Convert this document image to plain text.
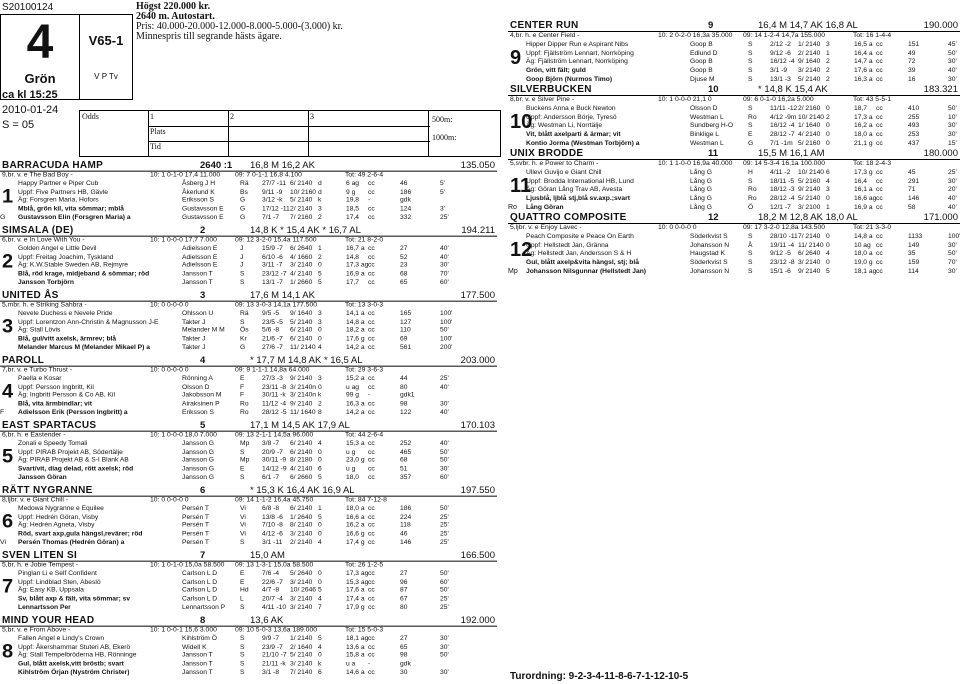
S20100124
4
Grön
V65-1
V P Tv
Högst 220.000 kr.
2640 m. Autostart.
Pris: 40.000-20.000-12.000-8.000-5.000-(3.000) kr.
Minnespris till segrande hästs ägare.
Odds	1	2	3
Plats
Tid
500m:
1000m:
ca kl 15:25
2010-01-24
S = 05
BARRACUDA HAMP	2640 :1 16,8 M 16,2 AK	135.050
9,br. v. e The Bad Boy -	10: 1 0-1-0 17,4 11.000 09: 7 0-1-1 16,8 4.100	Tot: 49 2-6-4
1
Happy Partner e Piper Cub	Åsberg J H	Rä 27/7 -11 6/ 2140 d	6 ag cc	46	5'
Uppf: Five Partners HB, Gävle	Åkerlund K	Bs 9/11 -9 10/ 2160 d	9 g cc	186	5'
Äg: Forsgren Maria, Hofors	Eriksson S	G	3/12 -k 5/ 2140 k	19,8 -	gdk
Mblå, grön kil, vita sömmar; mblå	Gustavsson E G	17/12 -11 2/ 2140 3	18,5 cc	124	3'
Gustavsson Elin (Forsgren Maria) a	Gustavsson E G	7/1 -7 7/ 2160 2	17,4 cc	332	25'
G
SIMSALA (DE)	2	14,8 K * 15,4 AK * 16,7 AL	194.211
6,br. v. e In Love With You -	10: 1 0-0-0 17,7 7.000	09: 12 3-2-0 15,4a 117.500	Tot: 21 8-2-0
2
Golden Angel e Little Devil	Adielsson E	J	15/9 -7 6/ 2640 1	16,7 a cc	27	40'
Uppf: Freitag Joachim, Tyskland	Adielsson E	J	6/10 -6 4/ 1660 2	14,8 cc	52	40'
Äg: K.W.Stable Sweden AB, Rejmyre	Adielsson E	J	3/11 -7 3/ 2140 0	17,3 ag cc	23	30'
Blå, röd krage, midjeband & sömmar; röd	Jansson T	S	23/12 -7 4/ 2140 5	16,9 a cc	68	70'
Jansson Torbjörn	Jansson T	S	13/1 -7 1/ 2660 5	17,7 cc	65	60'
UNITED ÅS	3	17,6 M 14,1 AK	177.500
5,mbr. h. e Striking Sahbra -	10: 0 0-0-0 0	09: 13 3-0-3 14,1a 177.500	Tot: 13 3-0-3
3
Nevele Duchess e Nevele Pride	Ohlsson U	Rä 9/5 -5 9/ 1640 3	14,1 a cc	165	100'
Uppf: Lorentzon Ann-Christin & Magnusson J-E	Takter J	S	23/5 -5 5/ 2140 3	14,8 a cc	127	100'
Äg: Stall Lövis	Melander M M Ös 5/6 -8 6/ 2140 0	18,2 a cc	110	50'
Blå, gul/vitt axelsk, ärmrev; blå	Takter J	Kr 21/6 -7 6/ 2140 0	17,6 g cc	69	100'
Melander Marcus M (Melander Mikael P) a	Takter J	G	27/6 -7 11/ 2140 4	14,2 a cc	561	200'
PAROLL	4	* 17,7 M 14,8 AK * 16,5 AL	203.000
7,br. v. e Turbo Thrust -	10: 0 0-0-0 0	09: 9 1-1-1 14,8a 64.000	Tot: 29 3-6-3
4
Paella e Kosar	Rönning A	E	27/3 -3 9/ 2140 3	15,2 a cc	44	25'
Uppf: Persson Ingbritt, Kil	Olsson D	F	23/11 -8 3/ 2140n 0	u ag cc	80	40'
Äg: Ingbritt Persson & Co AB, Kil	Jakobsson M	F	30/11 -k 3/ 2140n k	99 g -	gdk1
Blå, vita ärmbindlar; vit	Airaksinen P	Ro 11/12 -4 9/ 2140 2	16,3 a cc	98	30'
Adielsson Erik (Persson Ingbritt) a	Eriksson S	Ro 28/12 -5 11/ 1640 8	14,2 a cc	122	40'
F
EAST SPARTACUS	5	17,1 M 14,5 AK 17,9 AL	170.103
6,br. h. e Eastender -	10: 1 0-0-0 18,0 7.000	09: 13 2-1-1 14,5a 96.000	Tot: 44 2-6-4
5
Zonali e Speedy Tomali	Jansson G	Mp 3/8 -7 6/ 2140 4	15,3 a cc	252	40'
Uppf: PIRAB Projekt AB, Södertälje	Jansson G	S	20/9 -7 6/ 2140 0	u g cc	465	50'
Äg: PIRAB Projekt AB & S-I Blank AB	Jansson G	Mp 30/11 -9 8/ 2180 0	23,0 g cc	68	50'
Svart/vit, diag delad, rött axelsk; röd	Jansson G	E	14/12 -9 4/ 2140 6	u g cc	51	30'
Jansson Göran	Jansson G	S	6/1 -7 6/ 2660 5	18,0 cc	357	60'
RÄTT NYGRANNE	6	* 15,3 K 16,4 AK 16,9 AL	197.550
8,ljbr. v. e Giant Chill -	10: 0 0-0-0 0	09: 14 1-1-2 16,4a 45.750	Tot: 84 7-12-8
6
Medowa Nygranne e Equilee	Persén T	Vi 6/8 -8 6/ 2140 1	18,0 a cc	186	50'
Uppf: Hedrén Göran, Visby	Persén T	Vi 13/8 -6 1/ 2640 5	16,6 a cc	224	25'
Äg: Hedrén Agneta, Visby	Persén T	Vi 7/10 -8 8/ 2140 0	16,2 a cc	118	25'
Röd, svart axp,gula hängsl,revärer; röd	Persén T	Vi 4/12 -6 3/ 2140 0	16,6 g cc	46	25'
Persén Thomas (Hedrén Göran) a	Persén T	S	3/1 -11 2/ 2140 4	17,4 g cc	146	25'
Vi
SVEN LITEN SI	7	15,0 AM	166.500
5,br. h. e Jobie Tempest -	10: 1 0-1-0 15,0a 58.500 09: 13 1-3-1 15,0a 58.500	Tot: 26 1-2-5
7
Pinglan Li e Self Confident	Carlson L D	E	7/6 -4 5/ 2640 0	17,3 ag cc	27	50'
Uppf: Lindblad Sten, Abeslö	Carlson L D	E	22/6 -7 3/ 2140 0	15,3 ag cc	96	60'
Äg: Easy KB, Uppsala	Carlson L D	Hd 4/7 -8 10/ 2646 5	17,6 a cc	87	50'
Sv, blått axp & fält, vita sömmar; sv	Carlson L D	L	20/7 -4 3/ 2140 4	17,4 a cc	67	25'
Lennartsson Per	Lennartsson P S	4/11 -10 3/ 2140 7	17,9 g cc	80	25'
MIND YOUR HEAD	8	13,6 AK	192.000
5,br. v. e From Above -	10: 1 0-0-1 15,6 3.000	09: 10 5-0-3 13,6a 189.000	Tot: 15 5-0-3
8
Fallen Angel e Lindy's Crown	Kihlström Ö	S	9/9 -7 1/ 2140 5	18,1 ag cc	27	30'
Uppf: Åkershammar Stuteri AB, Ekerö	Widell K	S	23/9 -7 2/ 1640 4	13,6 a cc	65	30'
Äg: Stall Tempelbröderna HB, Rönninge	Jansson T	S	21/10 -7 5/ 2140 0	15,8 a cc	98	50'
Gul, blått axelsk,vitt bröstb; svart	Jansson T	S	21/11 -k 3/ 2140 k	u a -	gdk
Kihlström Örjan (Nyström Christer)	Jansson T	S	3/1 -8 7/ 2140 6	14,6 a cc	30	30'
CENTER RUN	9	16,4 M 14,7 AK 16,8 AL	190.000
4,br. h. e Center Field -	10: 2 0-2-0 16,3a 35.000 09: 14 1-2-4 14,7a 155.000	Tot: 16 1-4-4
9
Hipper Dipper Run e Aspirant Nibs	Goop B	S	2/12 -2 1/ 2140 3	16,5 a cc	151	45'
Uppf: Fjällström Lennart, Norrköping	Edlund D	S	9/12 -6 2/ 2140 1	16,4 a cc	49	50'
Äg: Fjällström Lennart, Norrköping	Goop B	S	16/12 -4 9/ 1640 2	14,7 a cc	72	30'
Grön, vitt fält; guld	Goop B	S	3/1 -9 3/ 2140 2	17,6 a cc	39	40'
Goop Björn (Nurmos Timo)	Djuse M	S	13/1 -3 5/ 2140 2	16,3 a cc	16	30'
SILVERBUCKEN	10	* 14,8 K 15,4 AK	183.321
8,br. v. e Silver Pine -	10: 1 0-0-0 21,1 0	09: 6 0-1-0 16,2a 5.000	Tot: 43 5-5-1
10
Buckens Anna e Buck Newton	Olsson D	S	11/11 -12 2/ 2160 0	18,7 cc	410	50'
Uppf: Andersson Börje, Tyresö	Westman L	Ro 4/12 -9m 10/ 2140 2	17,3 a cc	255	10'
Äg: Westman Li, Norrtälje	Sundberg H-O S	16/12 -4 1/ 1640 0	16,2 a cc	493	30'
Vit, blått axelparti & ärmar; vit	Binklige L	E	28/12 -7 4/ 2140 0	18,0 a cc	253	30'
Kontio Jorma (Westman Torbjörn) a	Westman L	G	7/1 -1m 5/ 2160 0	21,1 g cc	437	15'
UNIX BRODDE	11	15,5 M 16,1 AM	180.000
5,svbr. h. e Power to Charm -	10: 1 1-0-0 16,9a 40.000 09: 14 5-3-4 16,1a 100.000	Tot: 18 2-4-3
11
Ullevi Guvijo e Giant Chill	Lång G	H	4/11 -2 10/ 2140 6	17,3 g cc	45	25'
Uppf: Brodda International HB, Lund	Lång G	S	18/11 -5 5/ 2160 4	16,4 cc	291	30'
Äg: Göran Lång Trav AB, Avesta	Lång G	Ro 18/12 -3 9/ 2140 3	16,1 a cc	71	20'
Ljusblå, ljblå stj,blå sv.axp.;svart	Lång G	Ro 28/12 -4 5/ 2140 0	16,6 ag cc	146	40'
Lång Göran	Lång G	Ö	12/1 -7 3/ 2100 1	16,9 a cc	58	40'
Ro
QUATTRO COMPOSITE	12	18,2 M 12,8 AK 18,0 AL	171.000
5,ljbr. v. e Enjoy Lavec -	10: 0 0-0-0 0	09: 17 3-2-0 12,8a 143.500	Tot: 21 3-3-0
12
Peach Composite e Peace On Earth	Söderkvist S	S	28/10 -11 7/ 2140 0	14,8 a cc	1133	100'
Uppf: Hellstedt Jan, Gränna	Johansson N	Å	19/11 -4 11/ 2140 0	10 ag cc	149	30'
Äg: Hellstedt Jan, Andersson S & H	Haugstad K	S	9/12 -5 6/ 2640 4	18,0 a cc	35	50'
Gul, blått axelp&vita hängsl, stj; blå	Söderkvist S	S	23/12 -8 3/ 2140 0	19,0 g cc	159	70'
Johansson Nilsgunnar (Hellstedt Jan)	Johansson N	S	15/1 -6 9/ 2140 5	18,1 ag cc	114	30'
Mp
Turordning: 9-2-3-4-11-8-6-7-1-12-10-5
